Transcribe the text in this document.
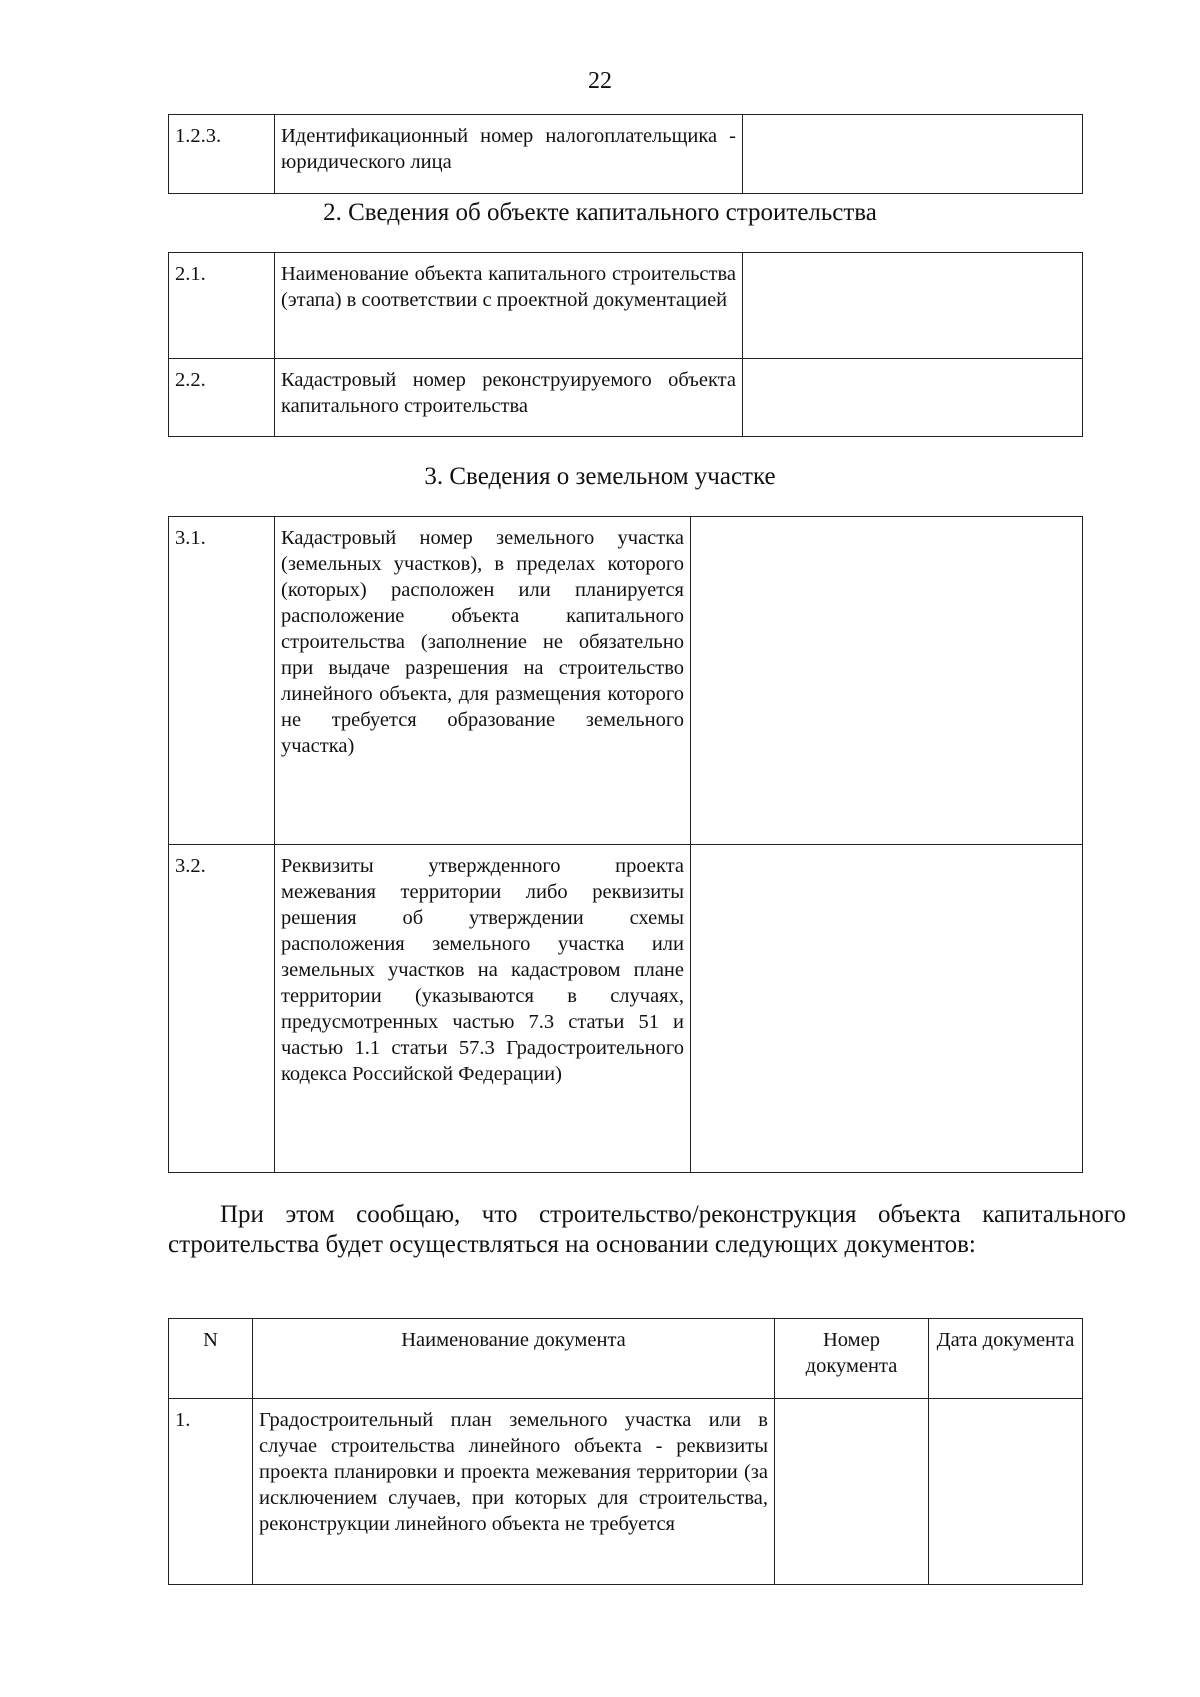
22
1.2.3.	Идентификационный номер налогоплательщика - юридического лица	
2. Сведения об объекте капитального строительства
2.1.	Наименование объекта капитального строительства (этапа) в соответствии с проектной документацией	
2.2.	Кадастровый номер реконструируемого объекта капитального строительства	
3. Сведения о земельном участке
3.1.	Кадастровый номер земельного участка (земельных участков), в пределах которого (которых) расположен или планируется расположение объекта капитального строительства (заполнение не обязательно при выдаче разрешения на строительство линейного объекта, для размещения которого не требуется образование земельного участка)	
3.2.	Реквизиты утвержденного проекта межевания территории либо реквизиты решения об утверждении схемы расположения земельного участка или земельных участков на кадастровом плане территории (указываются в случаях, предусмотренных частью 7.3 статьи 51 и частью 1.1 статьи 57.3 Градостроительного кодекса Российской Федерации)	
При этом сообщаю, что строительство/реконструкция объекта капитального строительства будет осуществляться на основании следующих документов:
N	Наименование документа	Номер документа	Дата документа
1.	Градостроительный план земельного участка или в случае строительства линейного объекта - реквизиты проекта планировки и проекта межевания территории (за исключением случаев, при которых для строительства, реконструкции линейного объекта не требуется		
